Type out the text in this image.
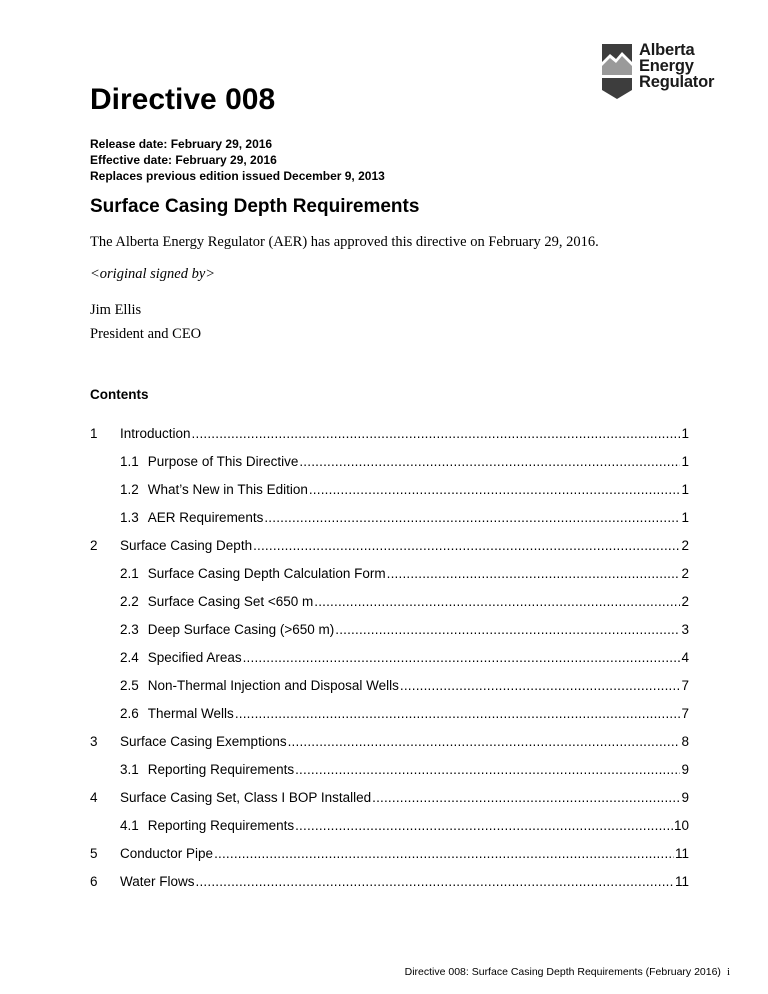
Alberta
Energy
Regulator
Directive 008
Release date: February 29, 2016
Effective date: February 29, 2016
Replaces previous edition issued December 9, 2013
Surface Casing Depth Requirements
The Alberta Energy Regulator (AER) has approved this directive on February 29, 2016.
<original signed by>
Jim Ellis
President and CEO
Contents
1 Introduction .....	1
1.1 Purpose of This Directive .....	1
1.2 What’s New in This Edition .....	1
1.3 AER Requirements .....	1
2 Surface Casing Depth .....	2
2.1 Surface Casing Depth Calculation Form .....	2
2.2 Surface Casing Set <650 m .....	2
2.3 Deep Surface Casing (>650 m) .....	3
2.4 Specified Areas .....	4
2.5 Non-Thermal Injection and Disposal Wells .....	7
2.6 Thermal Wells .....	7
3 Surface Casing Exemptions .....	8
3.1 Reporting Requirements .....	9
4 Surface Casing Set, Class I BOP Installed .....	9
4.1 Reporting Requirements .....	10
5 Conductor Pipe .....	11
6 Water Flows .....	11
Directive 008: Surface Casing Depth Requirements (February 2016) i
